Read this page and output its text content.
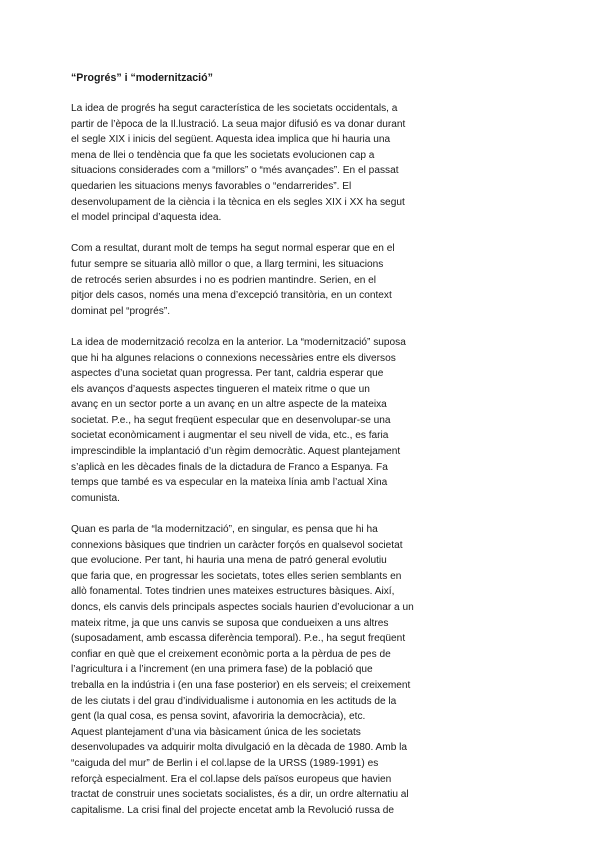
“Progrés” i “modernització”
La idea de progrés ha segut característica de les societats occidentals, a
partir de l’època de la Il.lustració. La seua major difusió es va donar durant
el segle XIX i inicis del següent. Aquesta idea implica que hi hauria una
mena de llei o tendència que fa que les societats evolucionen cap a
situacions considerades com a “millors” o “més avançades”. En el passat
quedarien les situacions menys favorables o “endarrerides”. El
desenvolupament de la ciència i la tècnica en els segles XIX i XX ha segut
el model principal d’aquesta idea.
Com a resultat, durant molt de temps ha segut normal esperar que en el
futur sempre se situaria allò millor o que, a llarg termini, les situacions
de retrocés serien absurdes i no es podrien mantindre. Serien, en el
pitjor dels casos, només una mena d’excepció transitòria, en un context
dominat pel “progrés”.
La idea de modernització recolza en la anterior. La “modernització” suposa
que hi ha algunes relacions o connexions necessàries entre els diversos
aspectes d’una societat quan progressa. Per tant, caldria esperar que
els avanços d’aquests aspectes tingueren el mateix ritme o que un
avanç en un sector porte a un avanç en un altre aspecte de la mateixa
societat. P.e., ha segut freqüent especular que en desenvolupar-se una
societat econòmicament i augmentar el seu nivell de vida, etc., es faria
imprescindible la implantació d’un règim democràtic. Aquest plantejament
s’aplicà en les dècades finals de la dictadura de Franco a Espanya. Fa
temps que també es va especular en la mateixa línia amb l’actual Xina
comunista.
Quan es parla de “la modernització”, en singular, es pensa que hi ha
connexions bàsiques que tindrien un caràcter forçós en qualsevol societat
que evolucione. Per tant, hi hauria una mena de patró general evolutiu
que faria que, en progressar les societats, totes elles serien semblants en
allò fonamental. Totes tindrien unes mateixes estructures bàsiques. Així,
doncs, els canvis dels principals aspectes socials haurien d’evolucionar a un
mateix ritme, ja que uns canvis se suposa que condueixen a uns altres
(suposadament, amb escassa diferència temporal). P.e., ha segut freqüent
confiar en què que el creixement econòmic porta a la pèrdua de pes de
l’agricultura i a l’increment (en una primera fase) de la població que
treballa en la indústria i (en una fase posterior) en els serveis; el creixement
de les ciutats i del grau d’individualisme i autonomia en les actituds de la
gent (la qual cosa, es pensa sovint, afavoriria la democràcia), etc.
Aquest plantejament d’una via bàsicament única de les societats
desenvolupades va adquirir molta divulgació en la dècada de 1980. Amb la
“caiguda del mur” de Berlin i el col.lapse de la URSS (1989-1991) es
reforçà especialment. Era el col.lapse dels països europeus que havien
tractat de construir unes societats socialistes, és a dir, un ordre alternatiu al
capitalisme. La crisi final del projecte encetat amb la Revolució russa de
